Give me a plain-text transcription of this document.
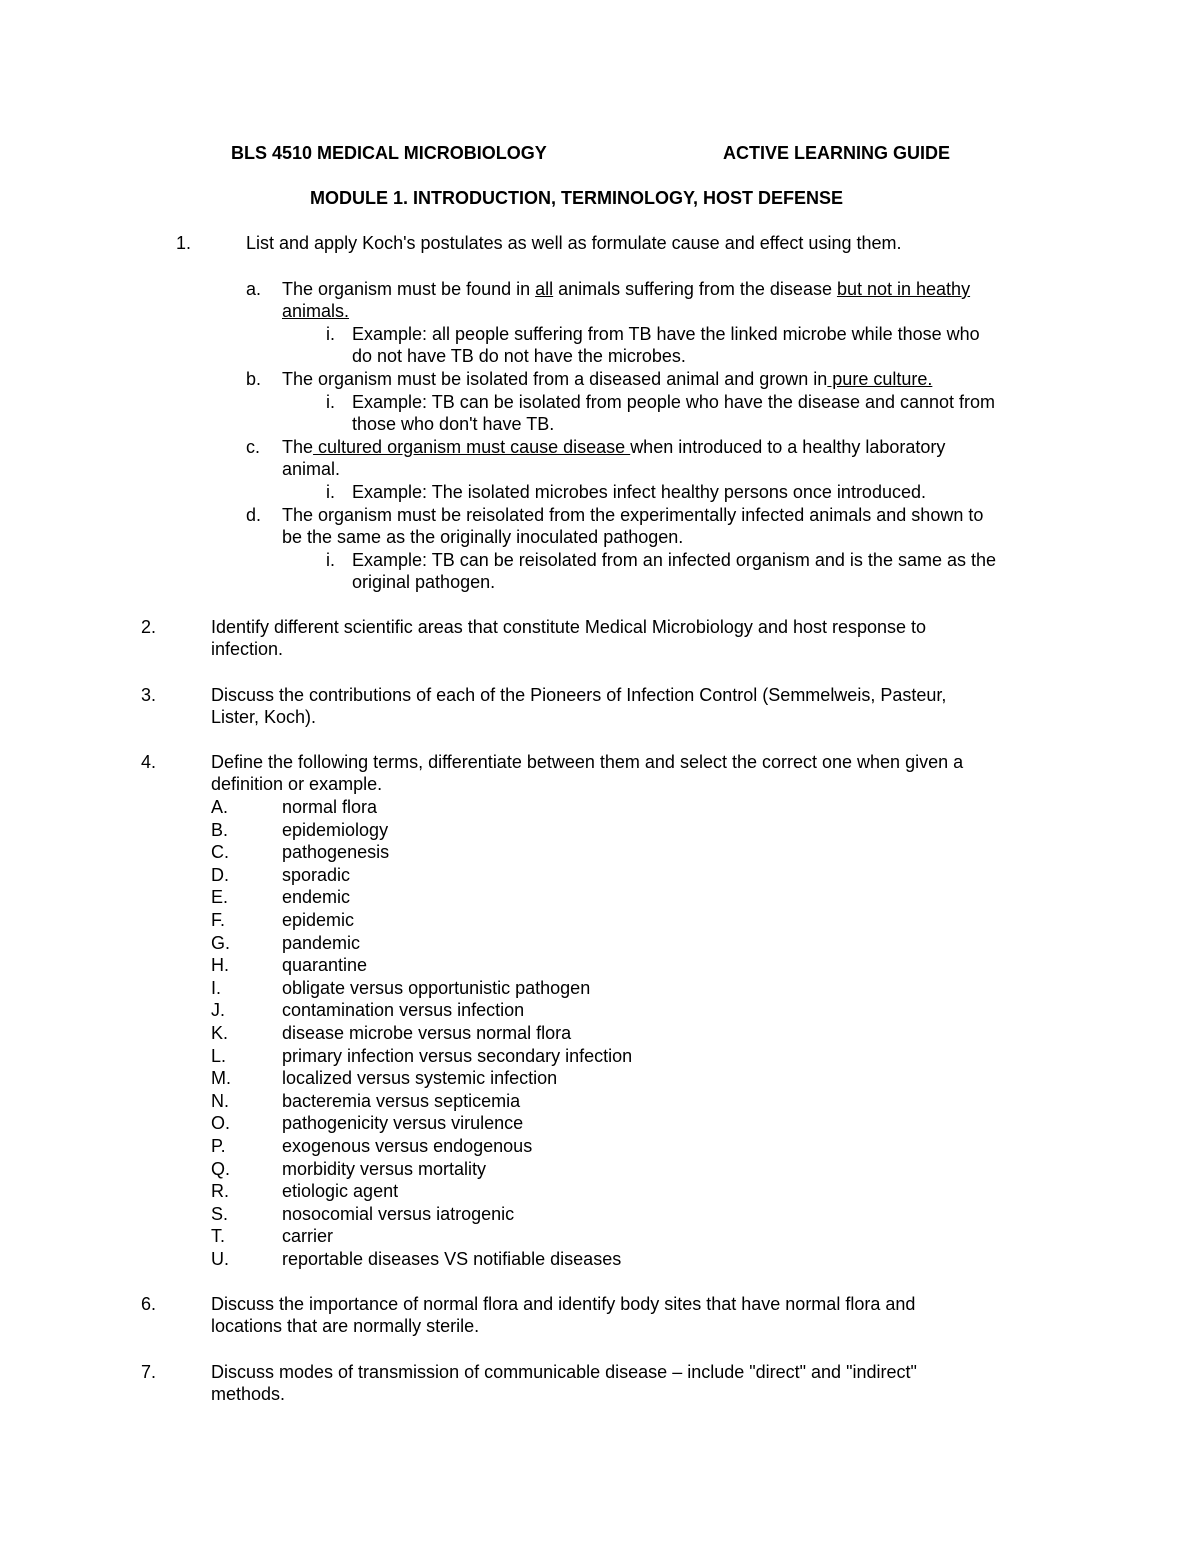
BLS 4510 MEDICAL MICROBIOLOGY	ACTIVE LEARNING GUIDE
MODULE 1. INTRODUCTION, TERMINOLOGY, HOST DEFENSE
1.	List and apply Koch's postulates as well as formulate cause and effect using them.
a. The organism must be found in all animals suffering from the disease but not in heathy
animals.
i. Example: all people suffering from TB have the linked microbe while those who
do not have TB do not have the microbes.
b. The organism must be isolated from a diseased animal and grown in pure culture.
i. Example: TB can be isolated from people who have the disease and cannot from
those who don't have TB.
c. The cultured organism must cause disease when introduced to a healthy laboratory
animal.
i. Example: The isolated microbes infect healthy persons once introduced.
d. The organism must be reisolated from the experimentally infected animals and shown to
be the same as the originally inoculated pathogen.
i. Example: TB can be reisolated from an infected organism and is the same as the
original pathogen.
2.	Identify different scientific areas that constitute Medical Microbiology and host response to
infection.
3.	Discuss the contributions of each of the Pioneers of Infection Control (Semmelweis, Pasteur,
Lister, Koch).
4.	Define the following terms, differentiate between them and select the correct one when given a
definition or example.
A.	normal flora
B.	epidemiology
C.	pathogenesis
D.	sporadic
E.	endemic
F.	epidemic
G.	pandemic
H.	quarantine
I.	obligate versus opportunistic pathogen
J.	contamination versus infection
K.	disease microbe versus normal flora
L.	primary infection versus secondary infection
M.	localized versus systemic infection
N.	bacteremia versus septicemia
O.	pathogenicity versus virulence
P.	exogenous versus endogenous
Q.	morbidity versus mortality
R.	etiologic agent
S.	nosocomial versus iatrogenic
T.	carrier
U.	reportable diseases VS notifiable diseases
6.	Discuss the importance of normal flora and identify body sites that have normal flora and
locations that are normally sterile.
7.	Discuss modes of transmission of communicable disease – include "direct" and "indirect"
methods.
